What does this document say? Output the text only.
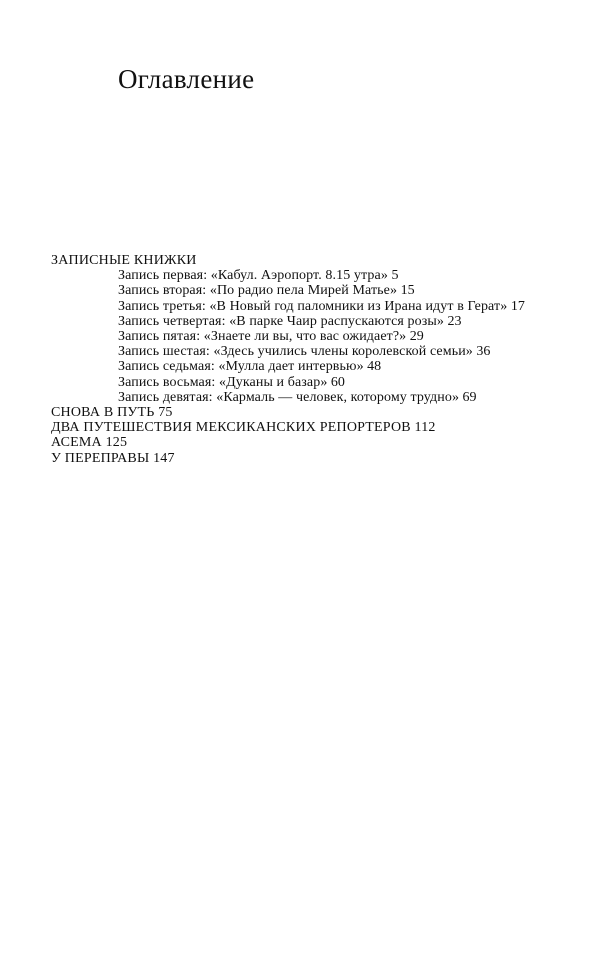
Оглавление
ЗАПИСНЫЕ КНИЖКИ
Запись первая: «Кабул. Аэропорт. 8.15 утра» 5
Запись вторая: «По радио пела Мирей Матье» 15
Запись третья: «В Новый год паломники из Ирана идут в Герат» 17
Запись четвертая: «В парке Чаир распускаются розы» 23
Запись пятая: «Знаете ли вы, что вас ожидает?» 29
Запись шестая: «Здесь учились члены королевской семьи» 36
Запись седьмая: «Мулла дает интервью» 48
Запись восьмая: «Дуканы и базар» 60
Запись девятая: «Кармаль — человек, которому трудно» 69
СНОВА В ПУТЬ 75
ДВА ПУТЕШЕСТВИЯ МЕКСИКАНСКИХ РЕПОРТЕРОВ 112
АСЕМА 125
У ПЕРЕПРАВЫ 147
